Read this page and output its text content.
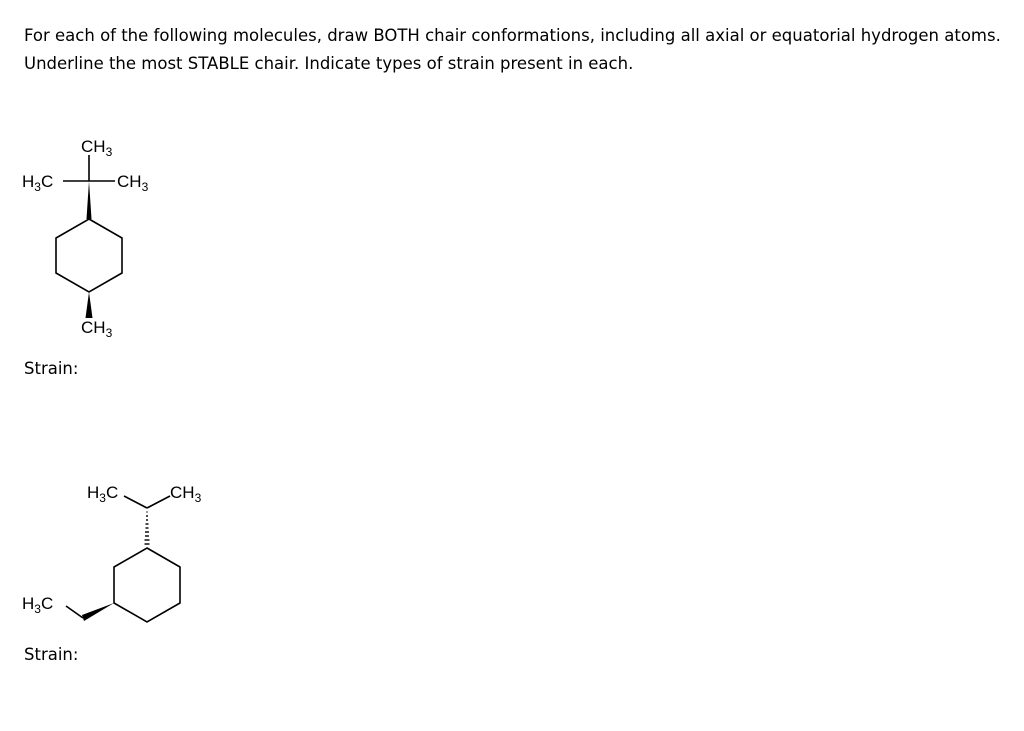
For each of the following molecules, draw BOTH chair conformations, including all axial or equatorial hydrogen atoms.
Underline the most STABLE chair. Indicate types of strain present in each.
$CH_3$
$H_3C$	$CH_3$
$CH_3$
$H_3C$	$CH_3$
$H_3C$
Strain:
Strain:
